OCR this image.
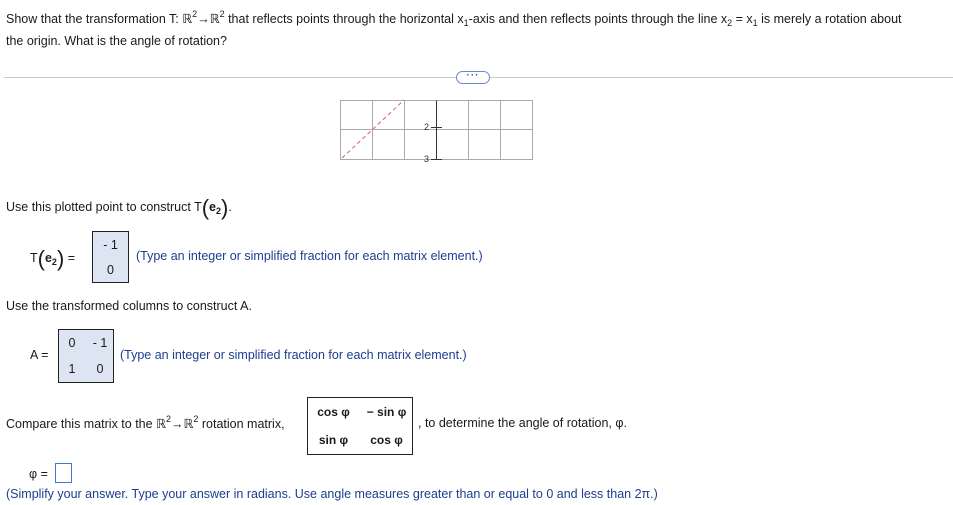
Show that the transformation T: ℝ$^2$→ℝ$^2$ that reflects points through the horizontal $x_1$-axis and then reflects points through the line $x_2 = x_1$ is merely a rotation about
the origin. What is the angle of rotation?
···
2
3
Use this plotted point to construct $T(e_2)$.
$T(e_2)$ =
- 1
0
(Type an integer or simplified fraction for each matrix element.)
Use the transformed columns to construct A.
A =
0	- 1
1	0
(Type an integer or simplified fraction for each matrix element.)
Compare this matrix to the ℝ$^2$→ℝ$^2$ rotation matrix,
cos φ	− sin φ
sin φ	cos φ
, to determine the angle of rotation, φ.
φ =
(Simplify your answer. Type your answer in radians. Use angle measures greater than or equal to 0 and less than 2π.)
